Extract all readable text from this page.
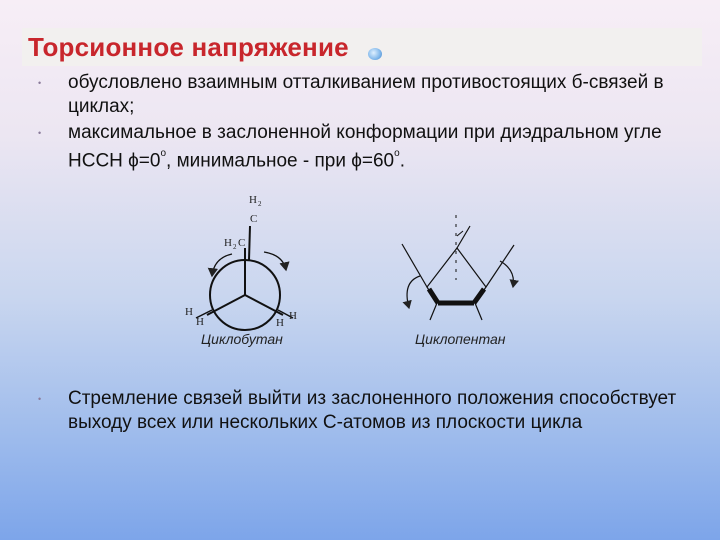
Торсионное напряжение
• обусловлено взаимным отталкиванием противостоящих б-связей в циклах;
• максимальное в заслоненной конформации при диэдральном угле HCCH $\phi=0^о$, минимальное - при $\phi=60^о$.
• Стремление связей выйти из заслоненного положения способствует выходу всех или нескольких С-атомов из плоскости цикла
H 2
C
H 2 C
H
H	H
H
Циклобутан	Циклопентан
